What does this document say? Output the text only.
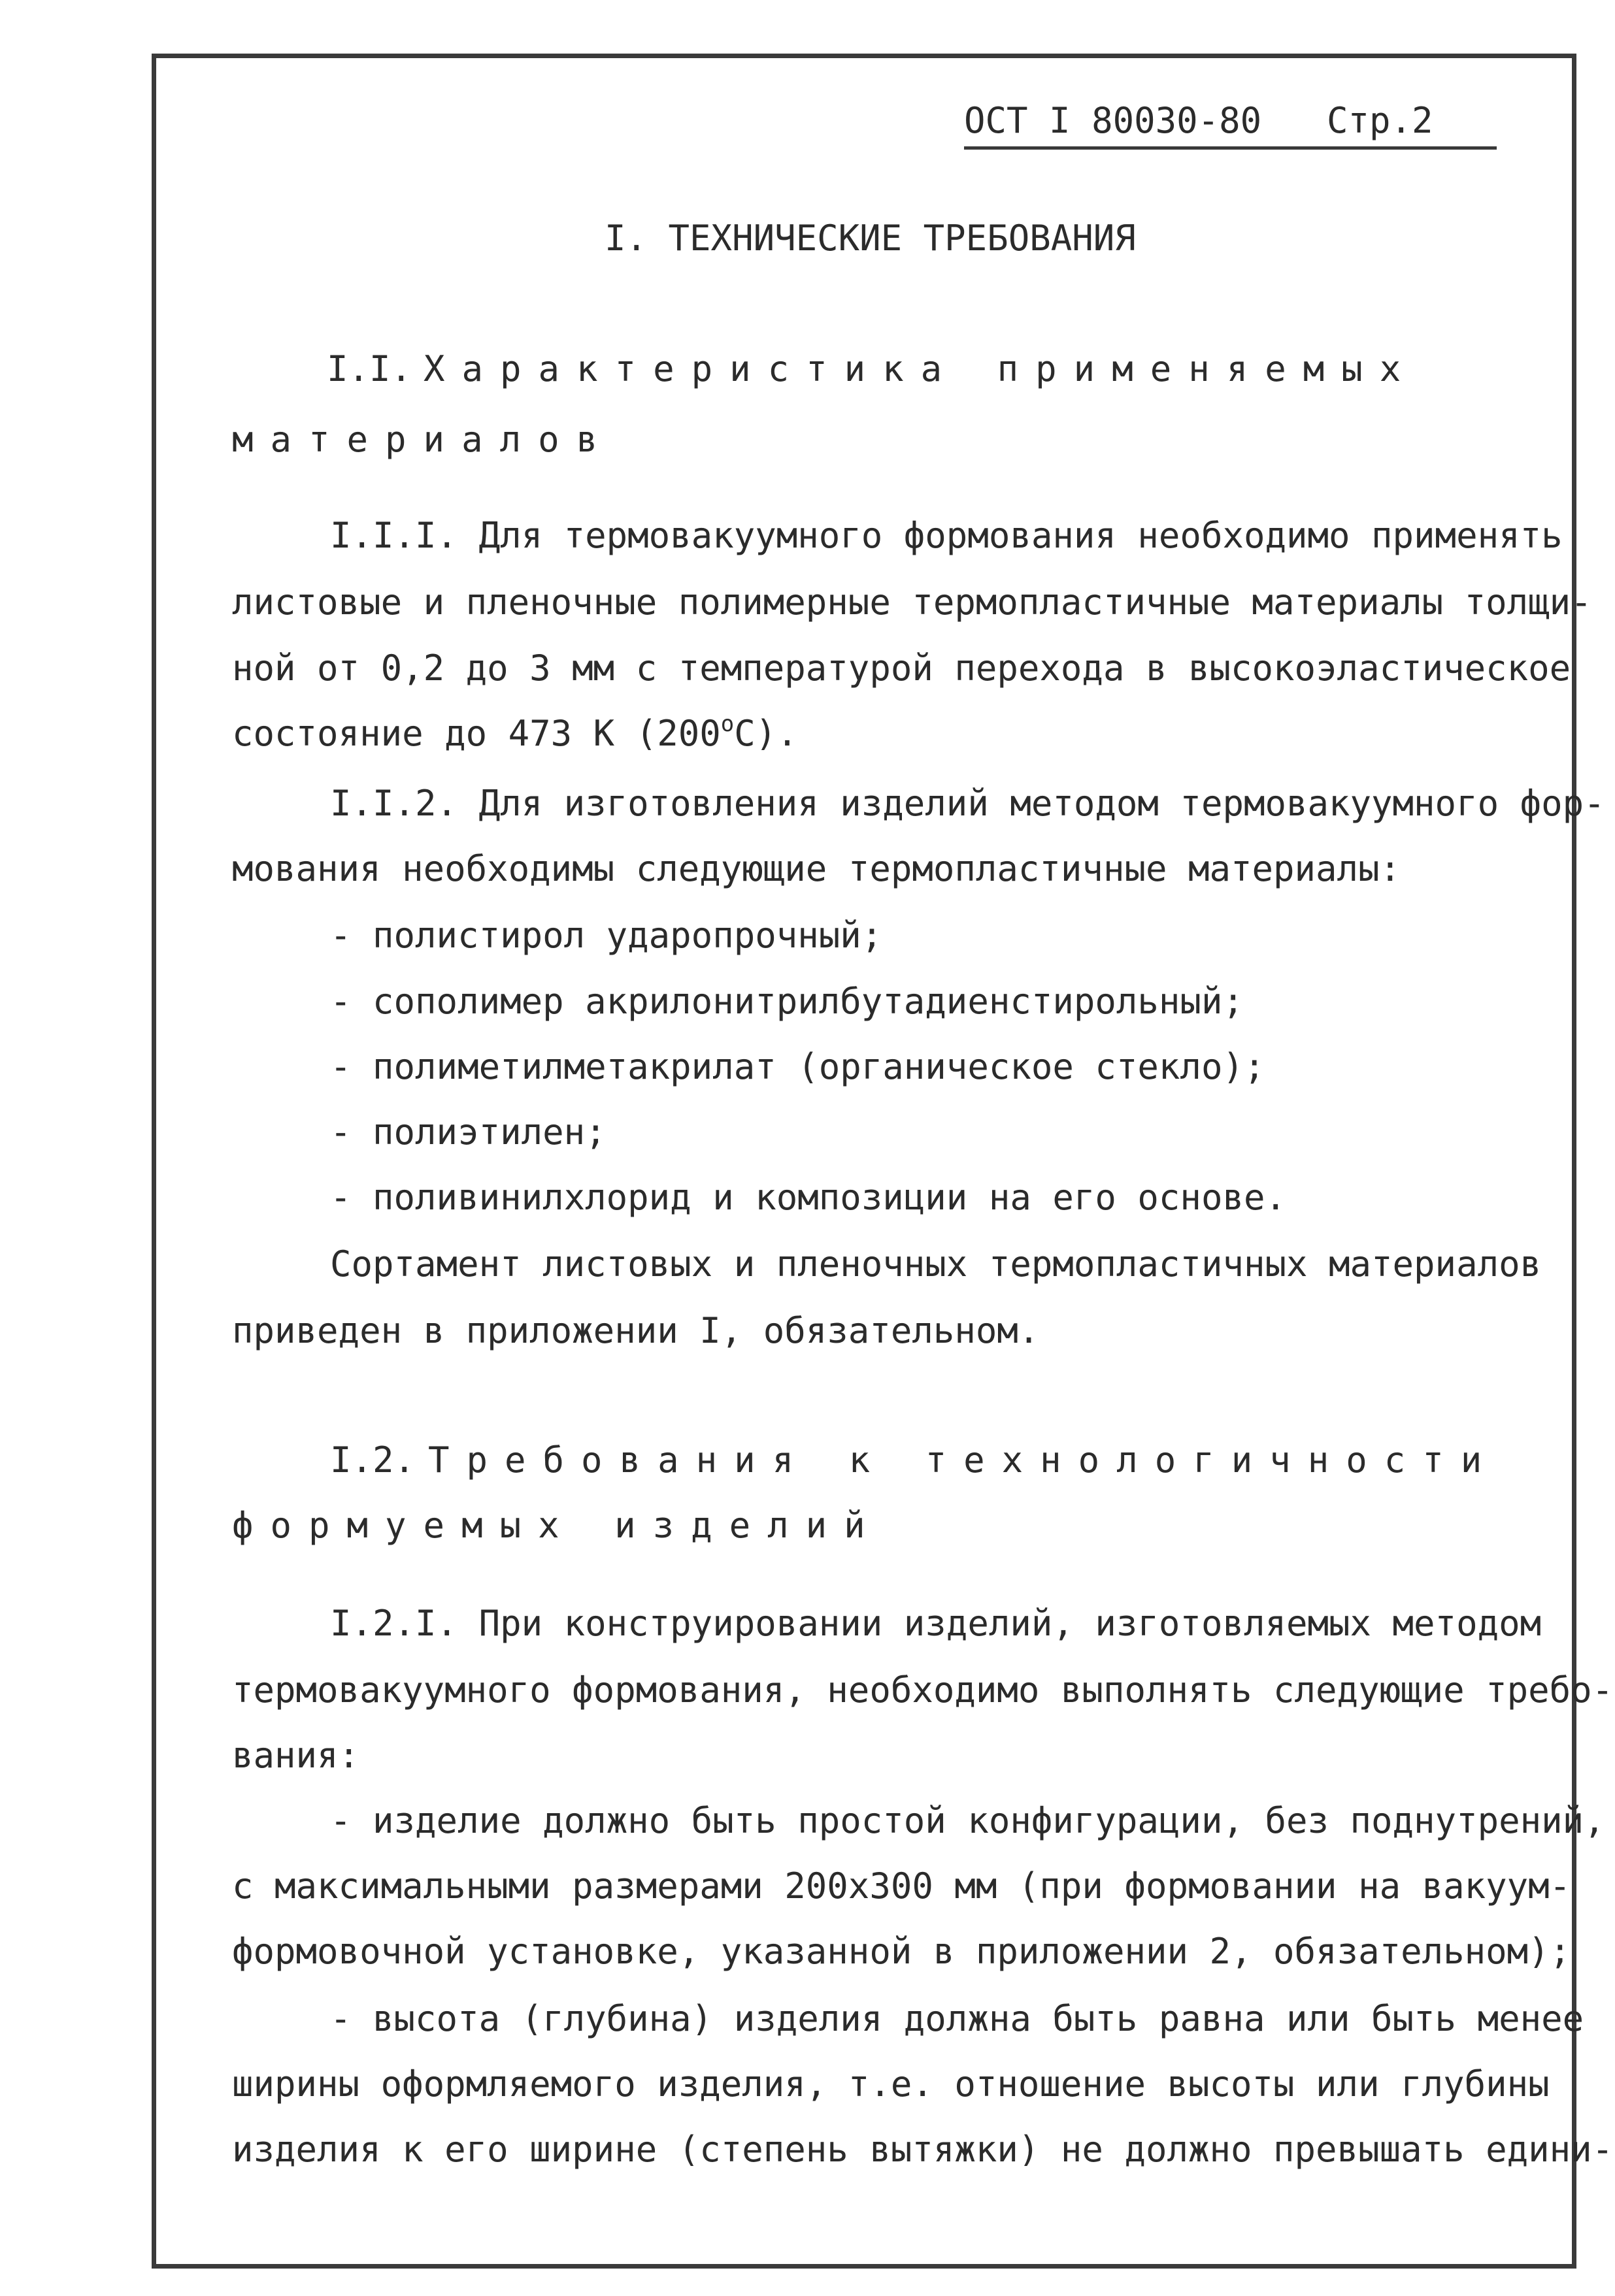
ОСТ I 80030-80 Стр.2
I. ТЕХНИЧЕСКИЕ ТРЕБОВАНИЯ
I.I. Характеристика применяемых
материалов
I.I.I. Для термовакуумного формования необходимо применять
листовые и пленочные полимерные термопластичные материалы толщи-
ной от 0,2 до 3 мм с температурой перехода в высокоэластическое
состояние до 473 К $(200^оС)$.
I.I.2. Для изготовления изделий методом термовакуумного фор-
мования необходимы следующие термопластичные материалы:
- полистирол ударопрочный;
- сополимер акрилонитрилбутадиенстирольный;
- полиметилметакрилат (органическое стекло);
- полиэтилен;
- поливинилхлорид и композиции на его основе.
Сортамент листовых и пленочных термопластичных материалов
приведен в приложении I, обязательном.
I.2. Требования к технологичности
формуемых изделий
I.2.I. При конструировании изделий, изготовляемых методом
термовакуумного формования, необходимо выполнять следующие требо-
вания:
- изделие должно быть простой конфигурации, без поднутрений,
с максимальными размерами 200х300 мм (при формовании на вакуум-
формовочной установке, указанной в приложении 2, обязательном);
- высота (глубина) изделия должна быть равна или быть менее
ширины оформляемого изделия, т.е. отношение высоты или глубины
изделия к его ширине (степень вытяжки) не должно превышать едини-
